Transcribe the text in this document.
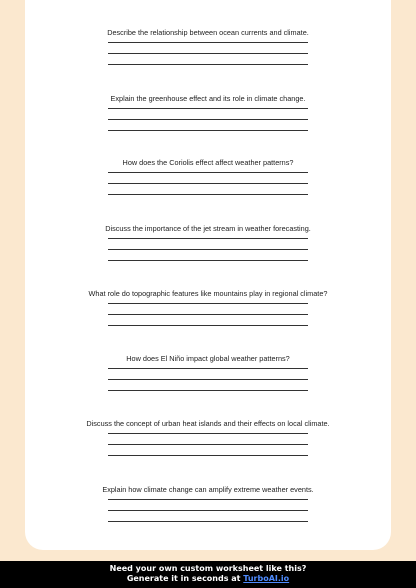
Describe the relationship between ocean currents and climate.
Explain the greenhouse effect and its role in climate change.
How does the Coriolis effect affect weather patterns?
Discuss the importance of the jet stream in weather forecasting.
What role do topographic features like mountains play in regional climate?
How does El Niño impact global weather patterns?
Discuss the concept of urban heat islands and their effects on local climate.
Explain how climate change can amplify extreme weather events.
Need your own custom worksheet like this?
Generate it in seconds at TurboAI.io
